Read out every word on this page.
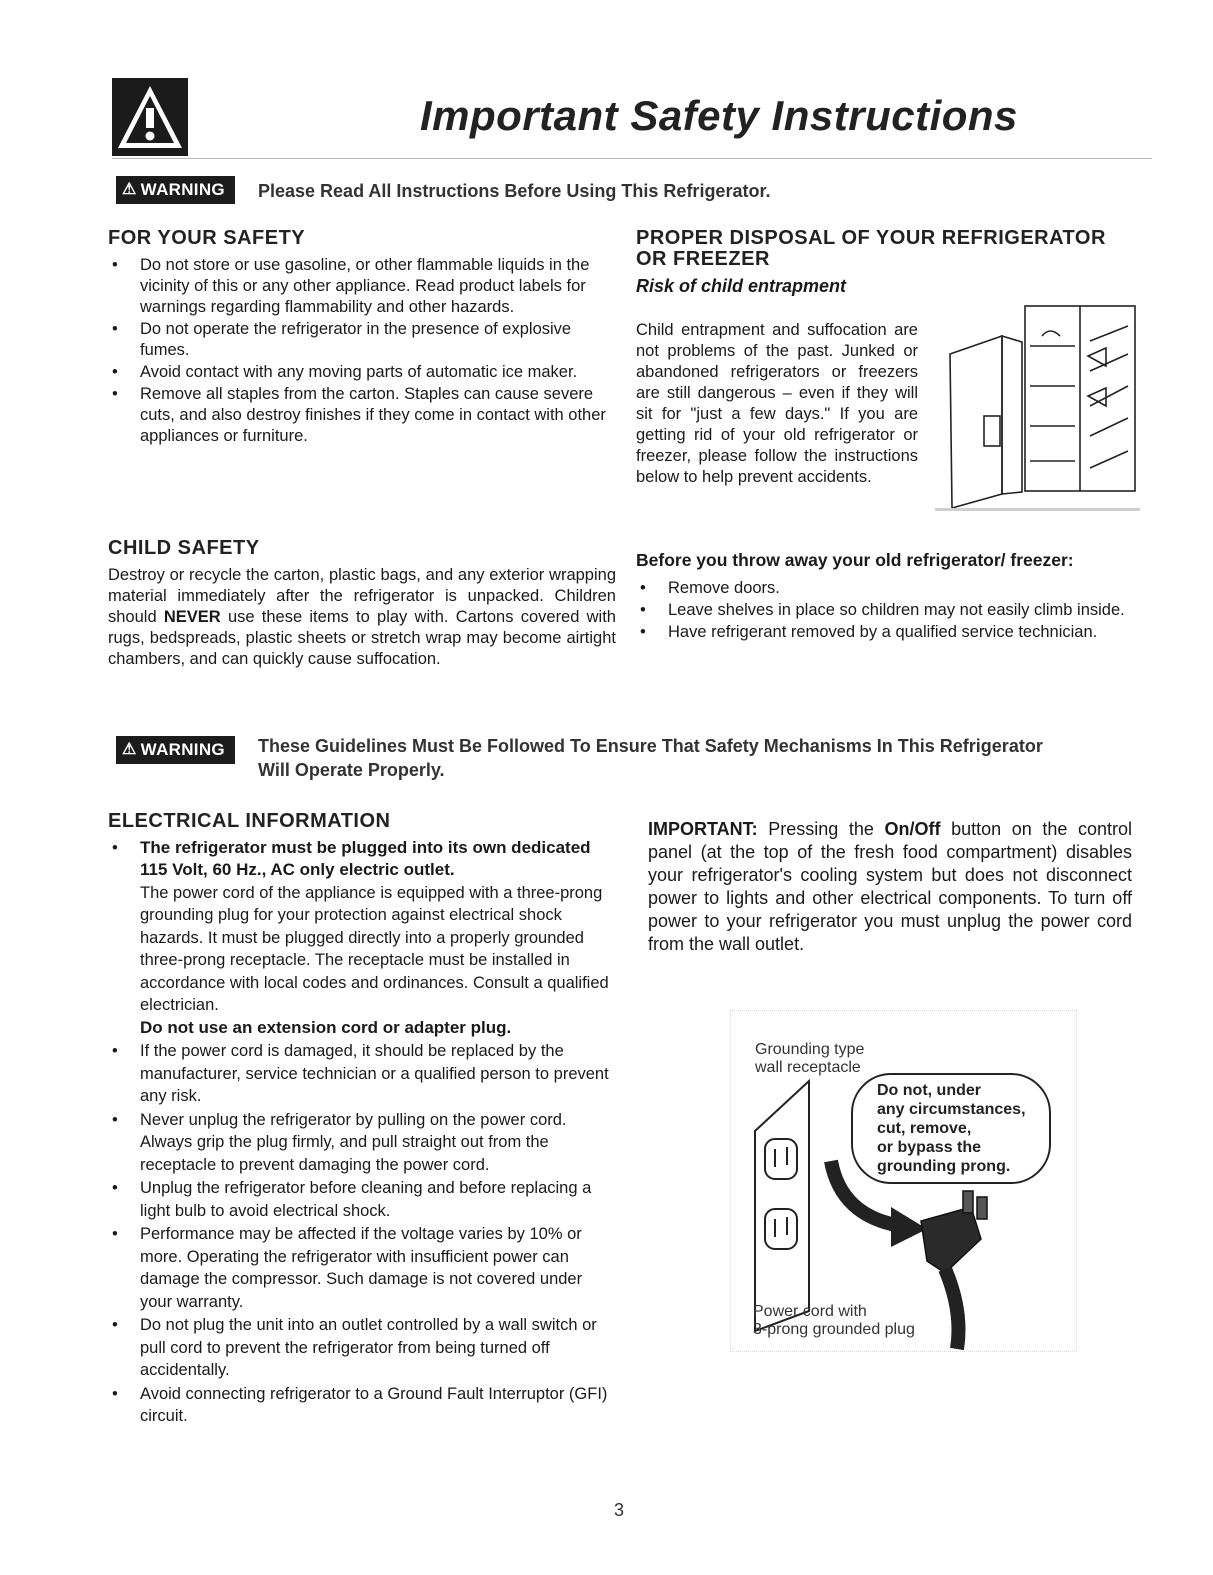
Important Safety Instructions
⚠ WARNING Please Read All Instructions Before Using This Refrigerator.
FOR YOUR SAFETY
• Do not store or use gasoline, or other flammable liquids in the vicinity of this or any other appliance. Read product labels for warnings regarding flammability and other hazards.
• Do not operate the refrigerator in the presence of explosive fumes.
• Avoid contact with any moving parts of automatic ice maker.
• Remove all staples from the carton. Staples can cause severe cuts, and also destroy finishes if they come in contact with other appliances or furniture.
CHILD SAFETY

Destroy or recycle the carton, plastic bags, and any exterior wrapping material immediately after the refrigerator is unpacked. Children should NEVER use these items to play with. Cartons covered with rugs, bedspreads, plastic sheets or stretch wrap may become airtight chambers, and can quickly cause suffocation.

PROPER DISPOSAL OF YOUR REFRIGERATOR
OR FREEZER
Risk of child entrapment
Child entrapment and suffocation are not problems of the past. Junked or abandoned refrigerators or freezers are still dangerous – even if they will sit for "just a few days." If you are getting rid of your old refrigerator or freezer, please follow the instructions below to help prevent accidents.
Before you throw away your old refrigerator/ freezer:
• Remove doors.
• Leave shelves in place so children may not easily climb inside.
• Have refrigerant removed by a qualified service technician.
⚠ WARNING These Guidelines Must Be Followed To Ensure That Safety Mechanisms In This Refrigerator
Will Operate Properly.
ELECTRICAL INFORMATION
• The refrigerator must be plugged into its own dedicated 115 Volt, 60 Hz., AC only electric outlet.
The power cord of the appliance is equipped with a three-prong grounding plug for your protection against electrical shock hazards. It must be plugged directly into a properly grounded three-prong receptacle. The receptacle must be installed in accordance with local codes and ordinances. Consult a qualified electrician.
Do not use an extension cord or adapter plug.
• If the power cord is damaged, it should be replaced by the manufacturer, service technician or a qualified person to prevent any risk.
• Never unplug the refrigerator by pulling on the power cord. Always grip the plug firmly, and pull straight out from the receptacle to prevent damaging the power cord.
• Unplug the refrigerator before cleaning and before replacing a light bulb to avoid electrical shock.
• Performance may be affected if the voltage varies by 10% or more. Operating the refrigerator with insufficient power can damage the compressor. Such damage is not covered under your warranty.
• Do not plug the unit into an outlet controlled by a wall switch or pull cord to prevent the refrigerator from being turned off accidentally.
• Avoid connecting refrigerator to a Ground Fault Interruptor (GFI) circuit.
IMPORTANT: Pressing the On/Off button on the control panel (at the top of the fresh food compartment) disables your refrigerator's cooling system but does not disconnect power to lights and other electrical components. To turn off power to your refrigerator you must unplug the power cord from the wall outlet.
Grounding type
wall receptacle
Do not, under
any circumstances,
cut, remove,
or bypass the
grounding prong.
Power cord with
3-prong grounded plug
3
